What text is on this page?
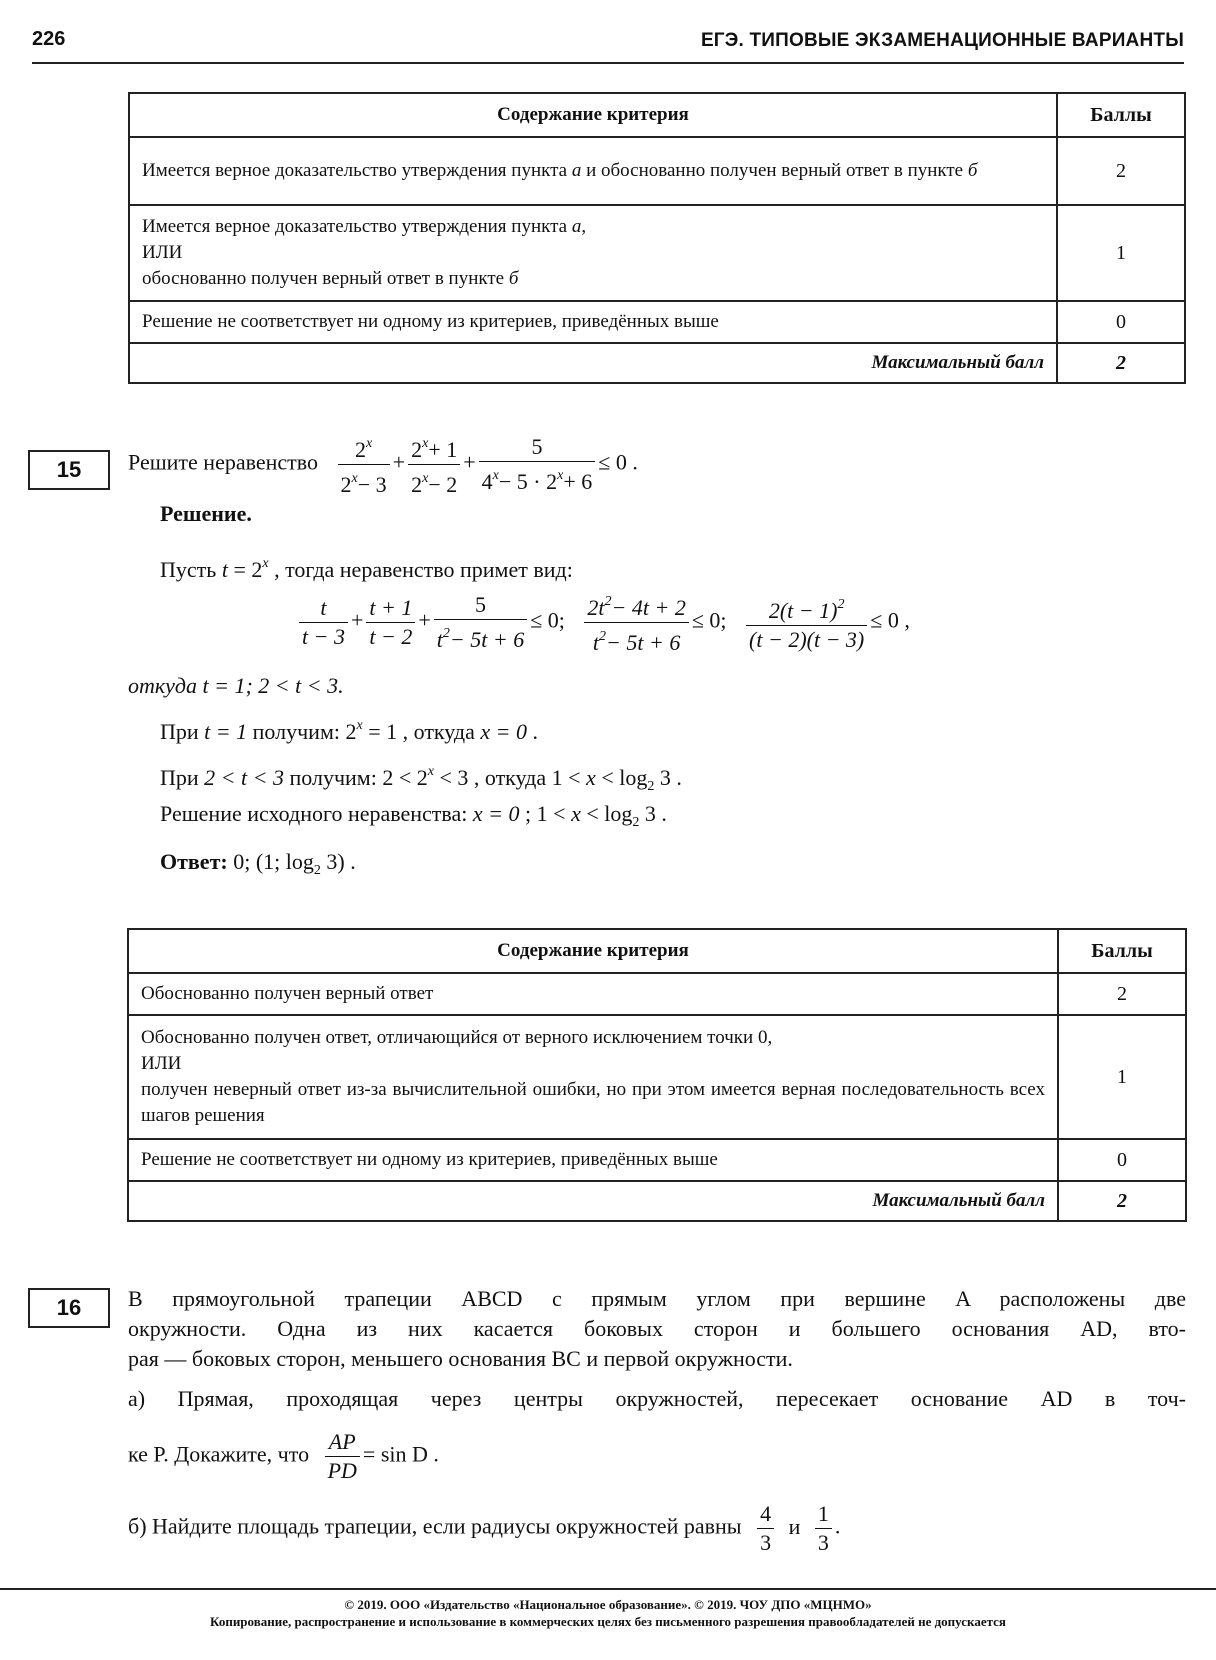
226	ЕГЭ. ТИПОВЫЕ ЭКЗАМЕНАЦИОННЫЕ ВАРИАНТЫ
Содержание критерия	Баллы
Имеется верное доказательство утверждения пункта а и обоснованно получен верный ответ в пункте б	2
Имеется верное доказательство утверждения пункта а,
ИЛИ
обоснованно получен верный ответ в пункте б	1
Решение не соответствует ни одному из критериев, приведённых выше	0
Максимальный балл	2
15	Решите неравенство $\frac{2^x}{2^x- 3} + \frac{2^x+ 1}{2^x- 2} + \frac{5}{4^x- 5 \cdot 2^x+ 6} \le 0$ .
Решение.
Пусть $t = 2^x$ , тогда неравенство примет вид:
$\frac{t}{t - 3} + \frac{t + 1}{t - 2} + \frac{5}{t^2- 5t + 6} \le 0$; $\frac{2t^2- 4t + 2}{t^2- 5t + 6} \le 0$; $\frac{2(t - 1)^2}{(t - 2)(t - 3)} \le 0$ ,
откуда t = 1; 2 < t < 3.
При t = 1 получим: $2^x = 1$ , откуда x = 0 .
При 2 < t < 3 получим: $2 < 2^x < 3$ , откуда $1 < x < \log_2 3$ .
Решение исходного неравенства: x = 0 ; $1 < x < \log_2 3$ .
Ответ: 0; (1; $\log_2 3$) .
Содержание критерия	Баллы
Обоснованно получен верный ответ	2
Обоснованно получен ответ, отличающийся от верного исключением точки 0,
ИЛИ
получен неверный ответ из-за вычислительной ошибки, но при этом имеется верная последовательность всех шагов решения	1
Решение не соответствует ни одному из критериев, приведённых выше	0
Максимальный балл	2
16	В прямоугольной трапеции ABCD с прямым углом при вершине A расположены две
окружности. Одна из них касается боковых сторон и большего основания AD, вто-
рая — боковых сторон, меньшего основания BC и первой окружности.
а) Прямая, проходящая через центры окружностей, пересекает основание AD в точ-
ке P. Докажите, что $\frac{AP}{PD} = \sin D$ .
б) Найдите площадь трапеции, если радиусы окружностей равны $\frac{4}{3}$ и $\frac{1}{3}$ .
© 2019. ООО «Издательство «Национальное образование». © 2019. ЧОУ ДПО «МЦНМО»
Копирование, распространение и использование в коммерческих целях без письменного разрешения правообладателей не допускается
